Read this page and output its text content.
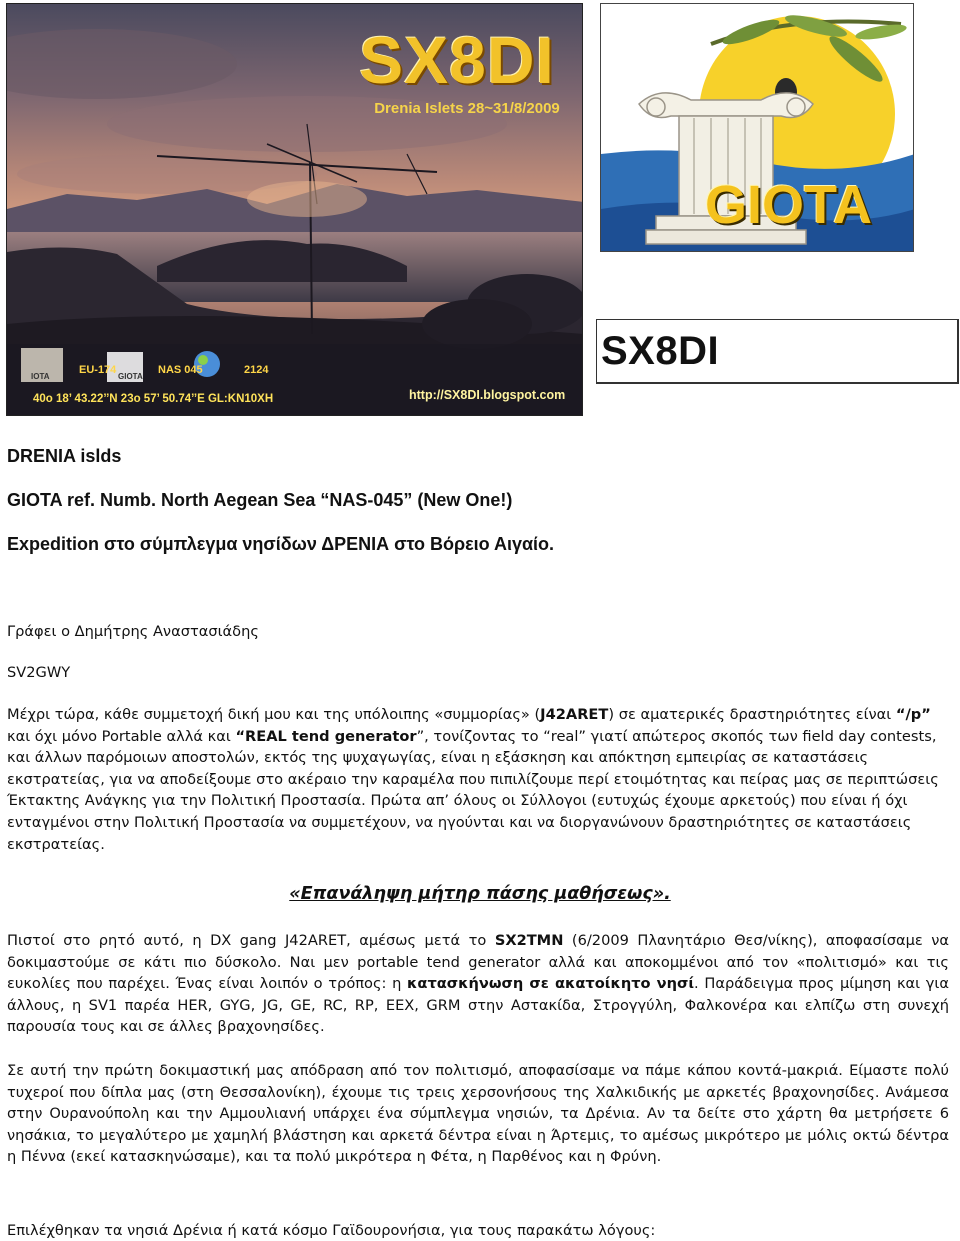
SX8DI
Drenia Islets 28~31/8/2009
IOTA	GIOTA
EU-174	NAS 045	2124
40o 18’ 43.22’’N 23o 57’ 50.74’’E GL:KN10XH	http://SX8DI.blogspot.com
GIOTA
SX8DI
DRENIA islds
GIOTA ref. Numb. North Aegean Sea “NAS-045” (New One!)
Expedition στο σύμπλεγμα νησίδων ΔΡΕΝΙΑ στο Βόρειο Αιγαίο.
Γράφει ο Δημήτρης Αναστασιάδης
SV2GWY
Μέχρι τώρα, κάθε συμμετοχή δική μου και της υπόλοιπης «συμμορίας» (J42ARET) σε αματερικές δραστηριότητες είναι “/p” και όχι μόνο Portable αλλά και “REAL tend generator”, τονίζοντας το “real” γιατί απώτερος σκοπός των field day contests, και άλλων παρόμοιων αποστολών, εκτός της ψυχαγωγίας, είναι η εξάσκηση και απόκτηση εμπειρίας σε καταστάσεις εκστρατείας, για να αποδείξουμε στο ακέραιο την καραμέλα που πιπιλίζουμε περί ετοιμότητας και πείρας μας σε περιπτώσεις Έκτακτης Ανάγκης για την Πολιτική Προστασία. Πρώτα απ’ όλους οι Σύλλογοι (ευτυχώς έχουμε αρκετούς) που είναι ή όχι ενταγμένοι στην Πολιτική Προστασία να συμμετέχουν, να ηγούνται και να διοργανώνουν δραστηριότητες σε καταστάσεις εκστρατείας.
«Επανάληψη μήτηρ πάσης μαθήσεως».
Πιστοί στο ρητό αυτό, η DX gang J42ARET, αμέσως μετά το SX2TMN (6/2009 Πλανητάριο Θεσ/νίκης), αποφασίσαμε να δοκιμαστούμε σε κάτι πιο δύσκολο. Ναι μεν portable tend generator αλλά και αποκομμένοι από τον «πολιτισμό» και τις ευκολίες που παρέχει. Ένας είναι λοιπόν ο τρόπος: η κατασκήνωση σε ακατοίκητο νησί. Παράδειγμα προς μίμηση και για άλλους, η SV1 παρέα HER, GYG, JG, GE, RC, RP, EEX, GRM στην Αστακίδα, Στρογγύλη, Φαλκονέρα και ελπίζω στη συνεχή παρουσία τους και σε άλλες βραχονησίδες.
Σε αυτή την πρώτη δοκιμαστική μας απόδραση από τον πολιτισμό, αποφασίσαμε να πάμε κάπου κοντά-μακριά. Είμαστε πολύ τυχεροί που δίπλα μας (στη Θεσσαλονίκη), έχουμε τις τρεις χερσονήσους της Χαλκιδικής με αρκετές βραχονησίδες. Ανάμεσα στην Ουρανούπολη και την Αμμουλιανή υπάρχει ένα σύμπλεγμα νησιών, τα Δρένια. Αν τα δείτε στο χάρτη θα μετρήσετε 6 νησάκια, το μεγαλύτερο με χαμηλή βλάστηση και αρκετά δέντρα είναι η Άρτεμις, το αμέσως μικρότερο με μόλις οκτώ δέντρα η Πέννα (εκεί κατασκηνώσαμε), και τα πολύ μικρότερα η Φέτα, η Παρθένος και η Φρύνη.
Επιλέχθηκαν τα νησιά Δρένια ή κατά κόσμο Γαϊδουρονήσια, για τους παρακάτω λόγους:
